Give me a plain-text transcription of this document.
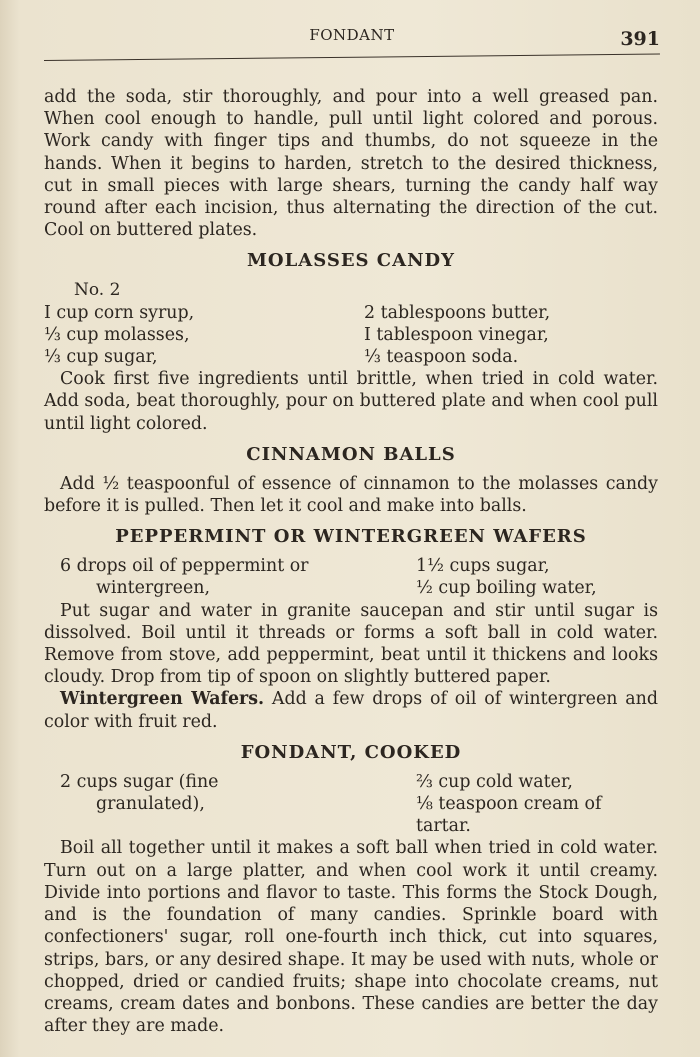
FONDANT	391

add the soda, stir thoroughly, and pour into a well greased pan. When cool enough to handle, pull until light colored and porous. Work candy with finger tips and thumbs, do not squeeze in the hands. When it begins to harden, stretch to the desired thickness, cut in small pieces with large shears, turning the candy half way round after each incision, thus alternating the direction of the cut. Cool on buttered plates.

MOLASSES CANDY
No. 2
I cup corn syrup,	2 tablespoons butter,
⅓ cup molasses,	I tablespoon vinegar,
⅓ cup sugar,	⅓ teaspoon soda.

Cook first five ingredients until brittle, when tried in cold water. Add soda, beat thoroughly, pour on buttered plate and when cool pull until light colored.

CINNAMON BALLS

Add ½ teaspoonful of essence of cinnamon to the molasses candy before it is pulled. Then let it cool and make into balls.

PEPPERMINT OR WINTERGREEN WAFERS
6 drops oil of peppermint or	1½ cups sugar,
wintergreen,	½ cup boiling water,

Put sugar and water in granite saucepan and stir until sugar is dissolved. Boil until it threads or forms a soft ball in cold water. Remove from stove, add peppermint, beat until it thickens and looks cloudy. Drop from tip of spoon on slightly buttered paper.

Wintergreen Wafers. Add a few drops of oil of wintergreen and color with fruit red.

FONDANT, COOKED
2 cups sugar (fine	⅔ cup cold water,
granulated),	⅛ teaspoon cream of tartar.

Boil all together until it makes a soft ball when tried in cold water. Turn out on a large platter, and when cool work it until creamy. Divide into portions and flavor to taste. This forms the Stock Dough, and is the foundation of many candies. Sprinkle board with confectioners' sugar, roll one-fourth inch thick, cut into squares, strips, bars, or any desired shape. It may be used with nuts, whole or chopped, dried or candied fruits; shape into chocolate creams, nut creams, cream dates and bonbons. These candies are better the day after they are made.
